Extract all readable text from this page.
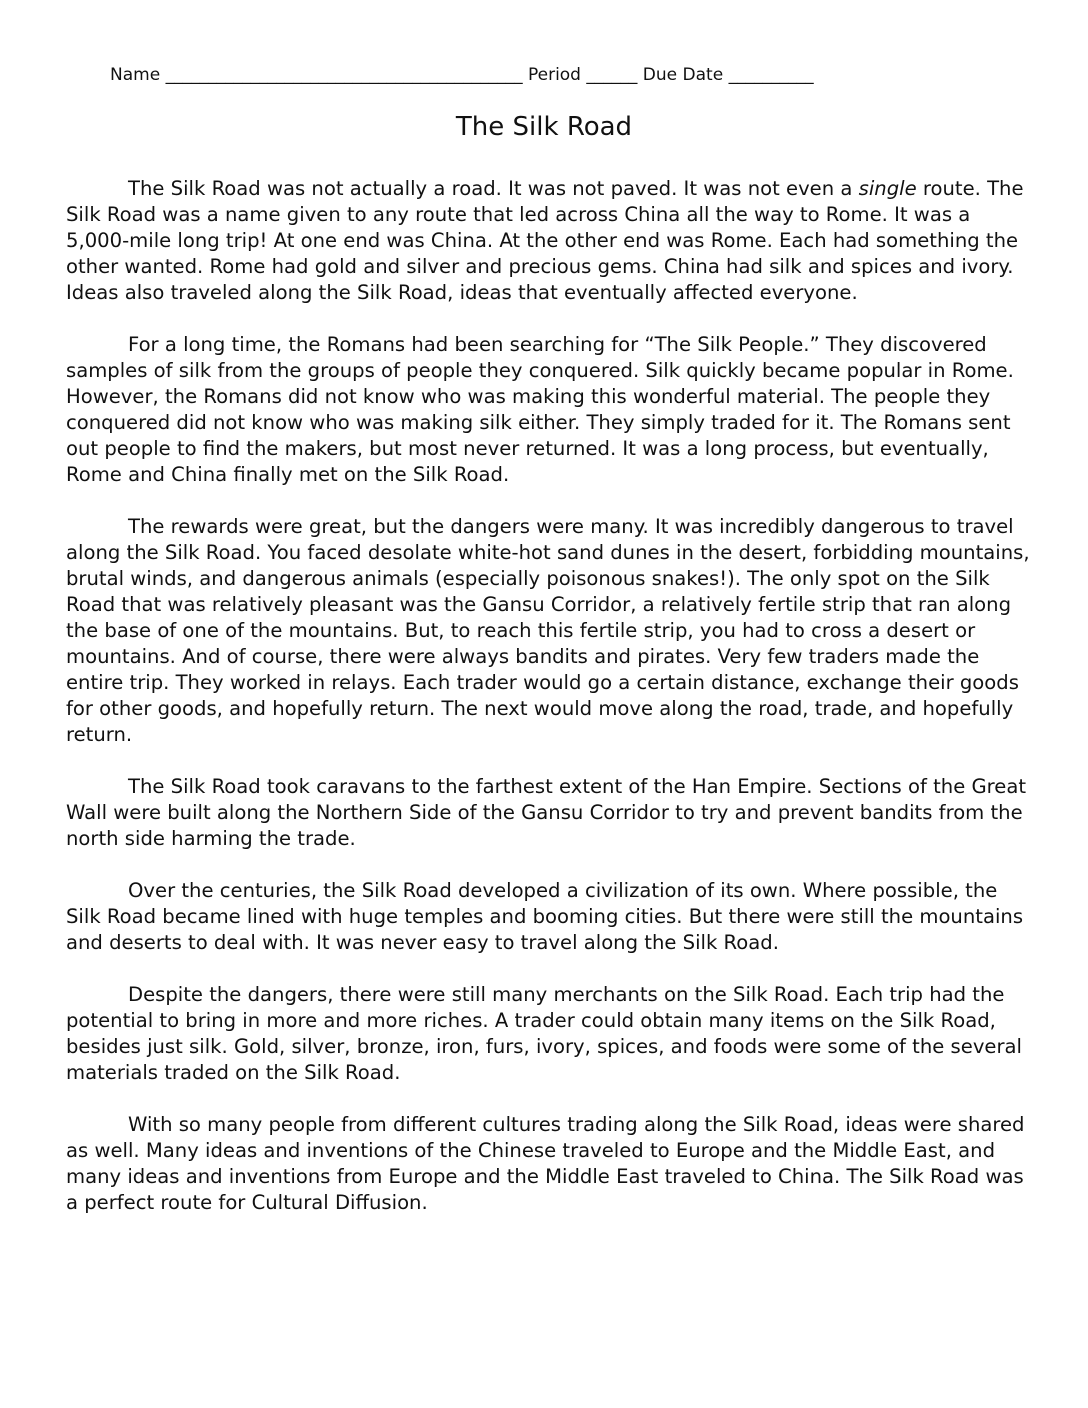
Name __________________________________________ Period ______ Due Date __________
The Silk Road

The Silk Road was not actually a road. It was not paved. It was not even a single route. The Silk Road was a name given to any route that led across China all the way to Rome. It was a 5,000-mile long trip! At one end was China. At the other end was Rome. Each had something the other wanted. Rome had gold and silver and precious gems. China had silk and spices and ivory. Ideas also traveled along the Silk Road, ideas that eventually affected everyone.

For a long time, the Romans had been searching for “The Silk People.” They discovered samples of silk from the groups of people they conquered. Silk quickly became popular in Rome. However, the Romans did not know who was making this wonderful material. The people they conquered did not know who was making silk either. They simply traded for it. The Romans sent out people to find the makers, but most never returned. It was a long process, but eventually, Rome and China finally met on the Silk Road.

The rewards were great, but the dangers were many. It was incredibly dangerous to travel along the Silk Road. You faced desolate white-hot sand dunes in the desert, forbidding mountains, brutal winds, and dangerous animals (especially poisonous snakes!). The only spot on the Silk Road that was relatively pleasant was the Gansu Corridor, a relatively fertile strip that ran along the base of one of the mountains. But, to reach this fertile strip, you had to cross a desert or mountains. And of course, there were always bandits and pirates. Very few traders made the entire trip. They worked in relays. Each trader would go a certain distance, exchange their goods for other goods, and hopefully return. The next would move along the road, trade, and hopefully return.

The Silk Road took caravans to the farthest extent of the Han Empire. Sections of the Great Wall were built along the Northern Side of the Gansu Corridor to try and prevent bandits from the north side harming the trade.

Over the centuries, the Silk Road developed a civilization of its own. Where possible, the Silk Road became lined with huge temples and booming cities. But there were still the mountains and deserts to deal with. It was never easy to travel along the Silk Road.

Despite the dangers, there were still many merchants on the Silk Road. Each trip had the potential to bring in more and more riches. A trader could obtain many items on the Silk Road, besides just silk. Gold, silver, bronze, iron, furs, ivory, spices, and foods were some of the several materials traded on the Silk Road.

With so many people from different cultures trading along the Silk Road, ideas were shared as well. Many ideas and inventions of the Chinese traveled to Europe and the Middle East, and many ideas and inventions from Europe and the Middle East traveled to China. The Silk Road was a perfect route for Cultural Diffusion.
